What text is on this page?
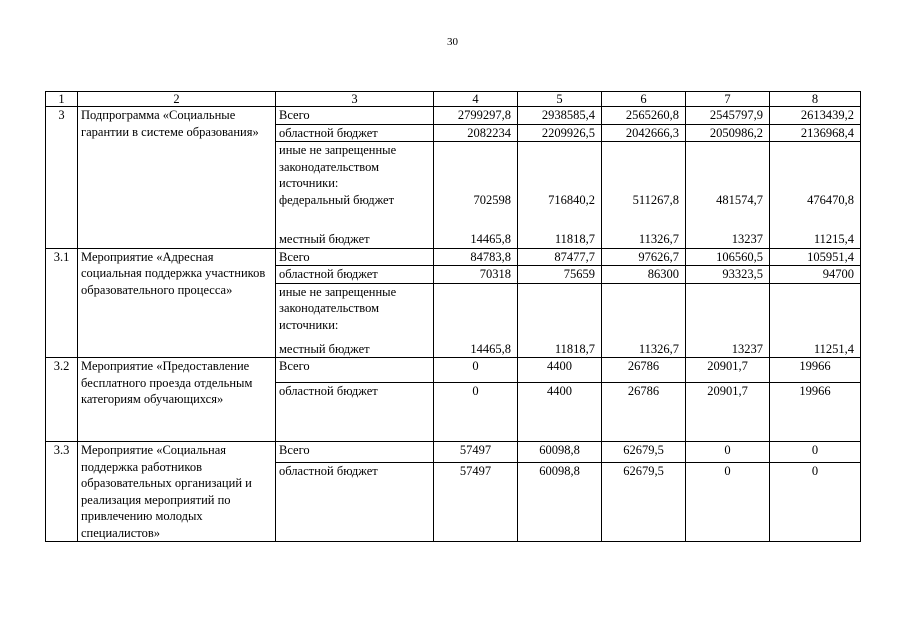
30
1	2	3	4	5	6	7	8
3	Подпрограмма «Социальные гарантии в системе образования»	Всего	2799297,8	2938585,4	2565260,8	2545797,9	2613439,2
		областной бюджет	2082234	2209926,5	2042666,3	2050986,2	2136968,4
		иные не запрещенные законодательством источники:					
		федеральный бюджет	702598	716840,2	511267,8	481574,7	476470,8
		местный бюджет	14465,8	11818,7	11326,7	13237	11215,4
3.1	Мероприятие «Адресная социальная поддержка участников образовательного процесса»	Всего	84783,8	87477,7	97626,7	106560,5	105951,4
		областной бюджет	70318	75659	86300	93323,5	94700
		иные не запрещенные законодательством источники:					
		местный бюджет	14465,8	11818,7	11326,7	13237	11251,4
3.2	Мероприятие «Предоставление бесплатного проезда отдельным категориям обучающихся»	Всего	0	4400	26786	20901,7	19966
		областной бюджет	0	4400	26786	20901,7	19966
3.3	Мероприятие «Социальная поддержка работников образовательных организаций и реализация мероприятий по привлечению молодых специалистов»	Всего	57497	60098,8	62679,5	0	0
		областной бюджет	57497	60098,8	62679,5	0	0
